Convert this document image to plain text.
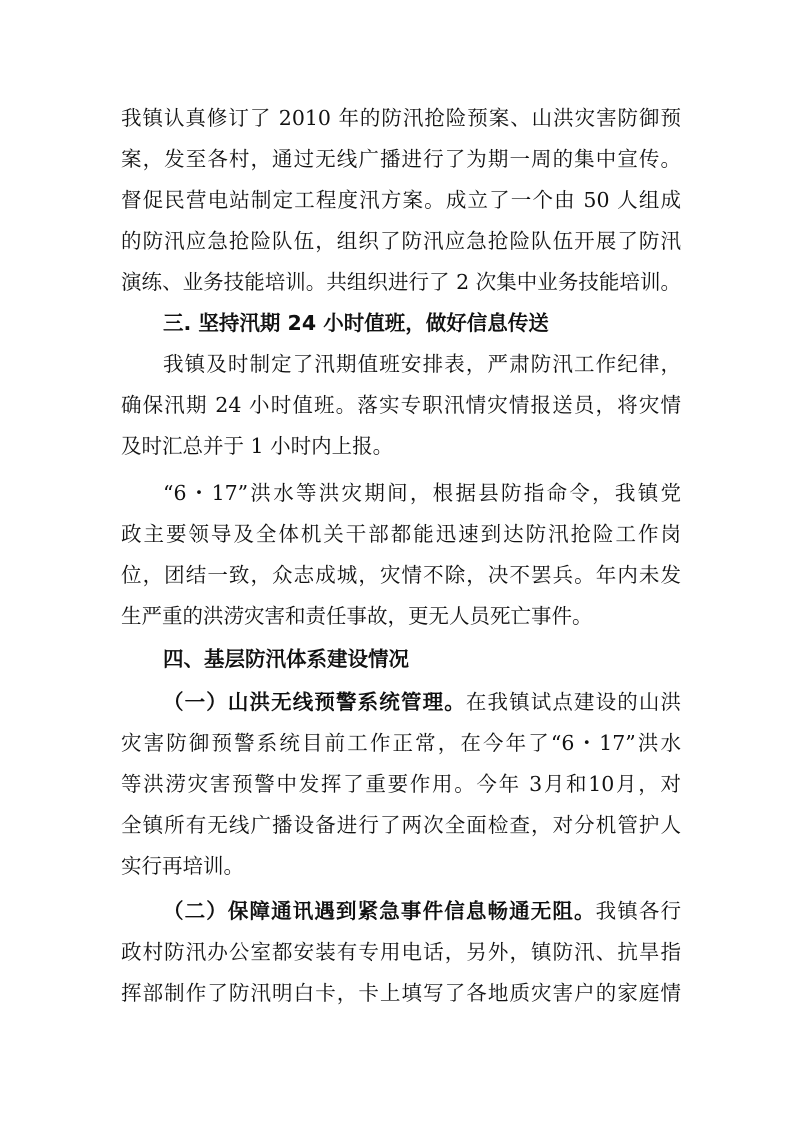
我镇认真修订了 2010 年的防汛抢险预案、山洪灾害防御预
案，发至各村，通过无线广播进行了为期一周的集中宣传。
督促民营电站制定工程度汛方案。成立了一个由 50 人组成
的防汛应急抢险队伍，组织了防汛应急抢险队伍开展了防汛
演练、业务技能培训。共组织进行了 2 次集中业务技能培训。
三. 坚持汛期 24 小时值班，做好信息传送
我镇及时制定了汛期值班安排表，严肃防汛工作纪律，
确保汛期 24 小时值班。落实专职汛情灾情报送员，将灾情
及时汇总并于 1 小时内上报。
“6・17”洪水等洪灾期间，根据县防指命令，我镇党
政主要领导及全体机关干部都能迅速到达防汛抢险工作岗
位，团结一致，众志成城，灾情不除，决不罢兵。年内未发
生严重的洪涝灾害和责任事故，更无人员死亡事件。
四、基层防汛体系建设情况
（一）山洪无线预警系统管理。在我镇试点建设的山洪
灾害防御预警系统目前工作正常，在今年了“6・17”洪水
等洪涝灾害预警中发挥了重要作用。今年 3月和10月，对
全镇所有无线广播设备进行了两次全面检查，对分机管护人
实行再培训。
（二）保障通讯遇到紧急事件信息畅通无阻。我镇各行
政村防汛办公室都安装有专用电话，另外，镇防汛、抗旱指
挥部制作了防汛明白卡，卡上填写了各地质灾害户的家庭情
